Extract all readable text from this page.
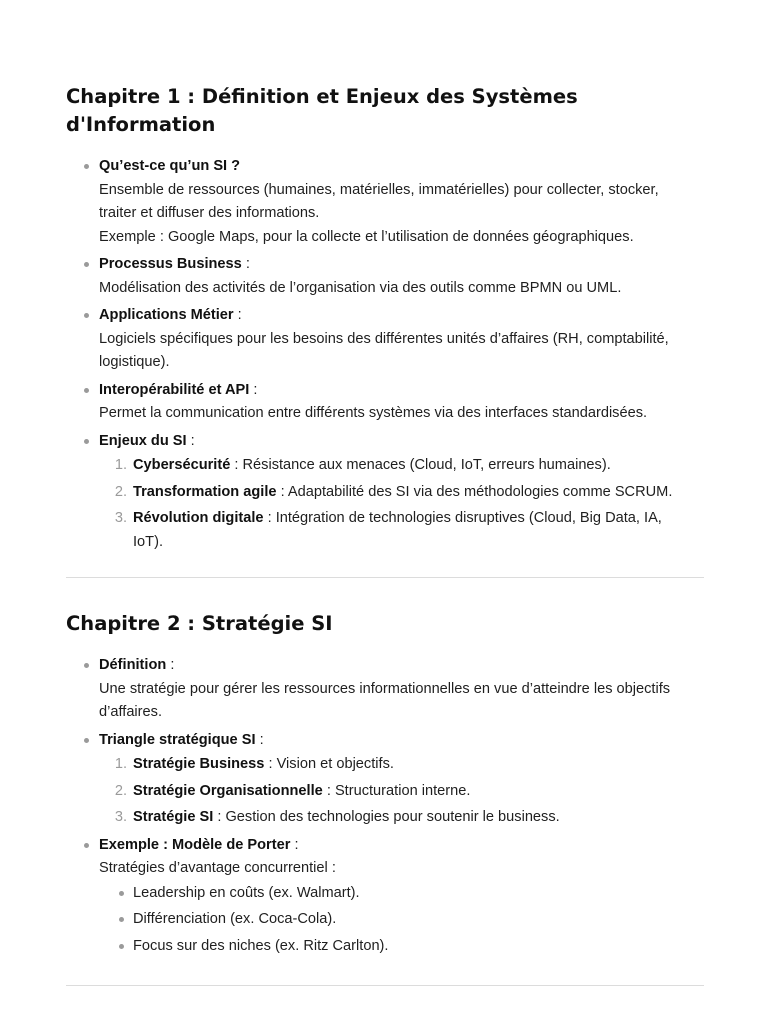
Chapitre 1 : Définition et Enjeux des Systèmes
d'Information
Qu’est-ce qu’un SI ?
Ensemble de ressources (humaines, matérielles, immatérielles) pour collecter, stocker,
traiter et diffuser des informations.
Exemple : Google Maps, pour la collecte et l’utilisation de données géographiques.
Processus Business :
Modélisation des activités de l’organisation via des outils comme BPMN ou UML.
Applications Métier :
Logiciels spécifiques pour les besoins des différentes unités d’affaires (RH, comptabilité,
logistique).
Interopérabilité et API :
Permet la communication entre différents systèmes via des interfaces standardisées.
Enjeux du SI :
1. Cybersécurité : Résistance aux menaces (Cloud, IoT, erreurs humaines).
2. Transformation agile : Adaptabilité des SI via des méthodologies comme SCRUM.
3. Révolution digitale : Intégration de technologies disruptives (Cloud, Big Data, IA,
IoT).
Chapitre 2 : Stratégie SI
Définition :
Une stratégie pour gérer les ressources informationnelles en vue d’atteindre les objectifs
d’affaires.
Triangle stratégique SI :
1. Stratégie Business : Vision et objectifs.
2. Stratégie Organisationnelle : Structuration interne.
3. Stratégie SI : Gestion des technologies pour soutenir le business.
Exemple : Modèle de Porter :
Stratégies d’avantage concurrentiel :
Leadership en coûts (ex. Walmart).
Différenciation (ex. Coca-Cola).
Focus sur des niches (ex. Ritz Carlton).
